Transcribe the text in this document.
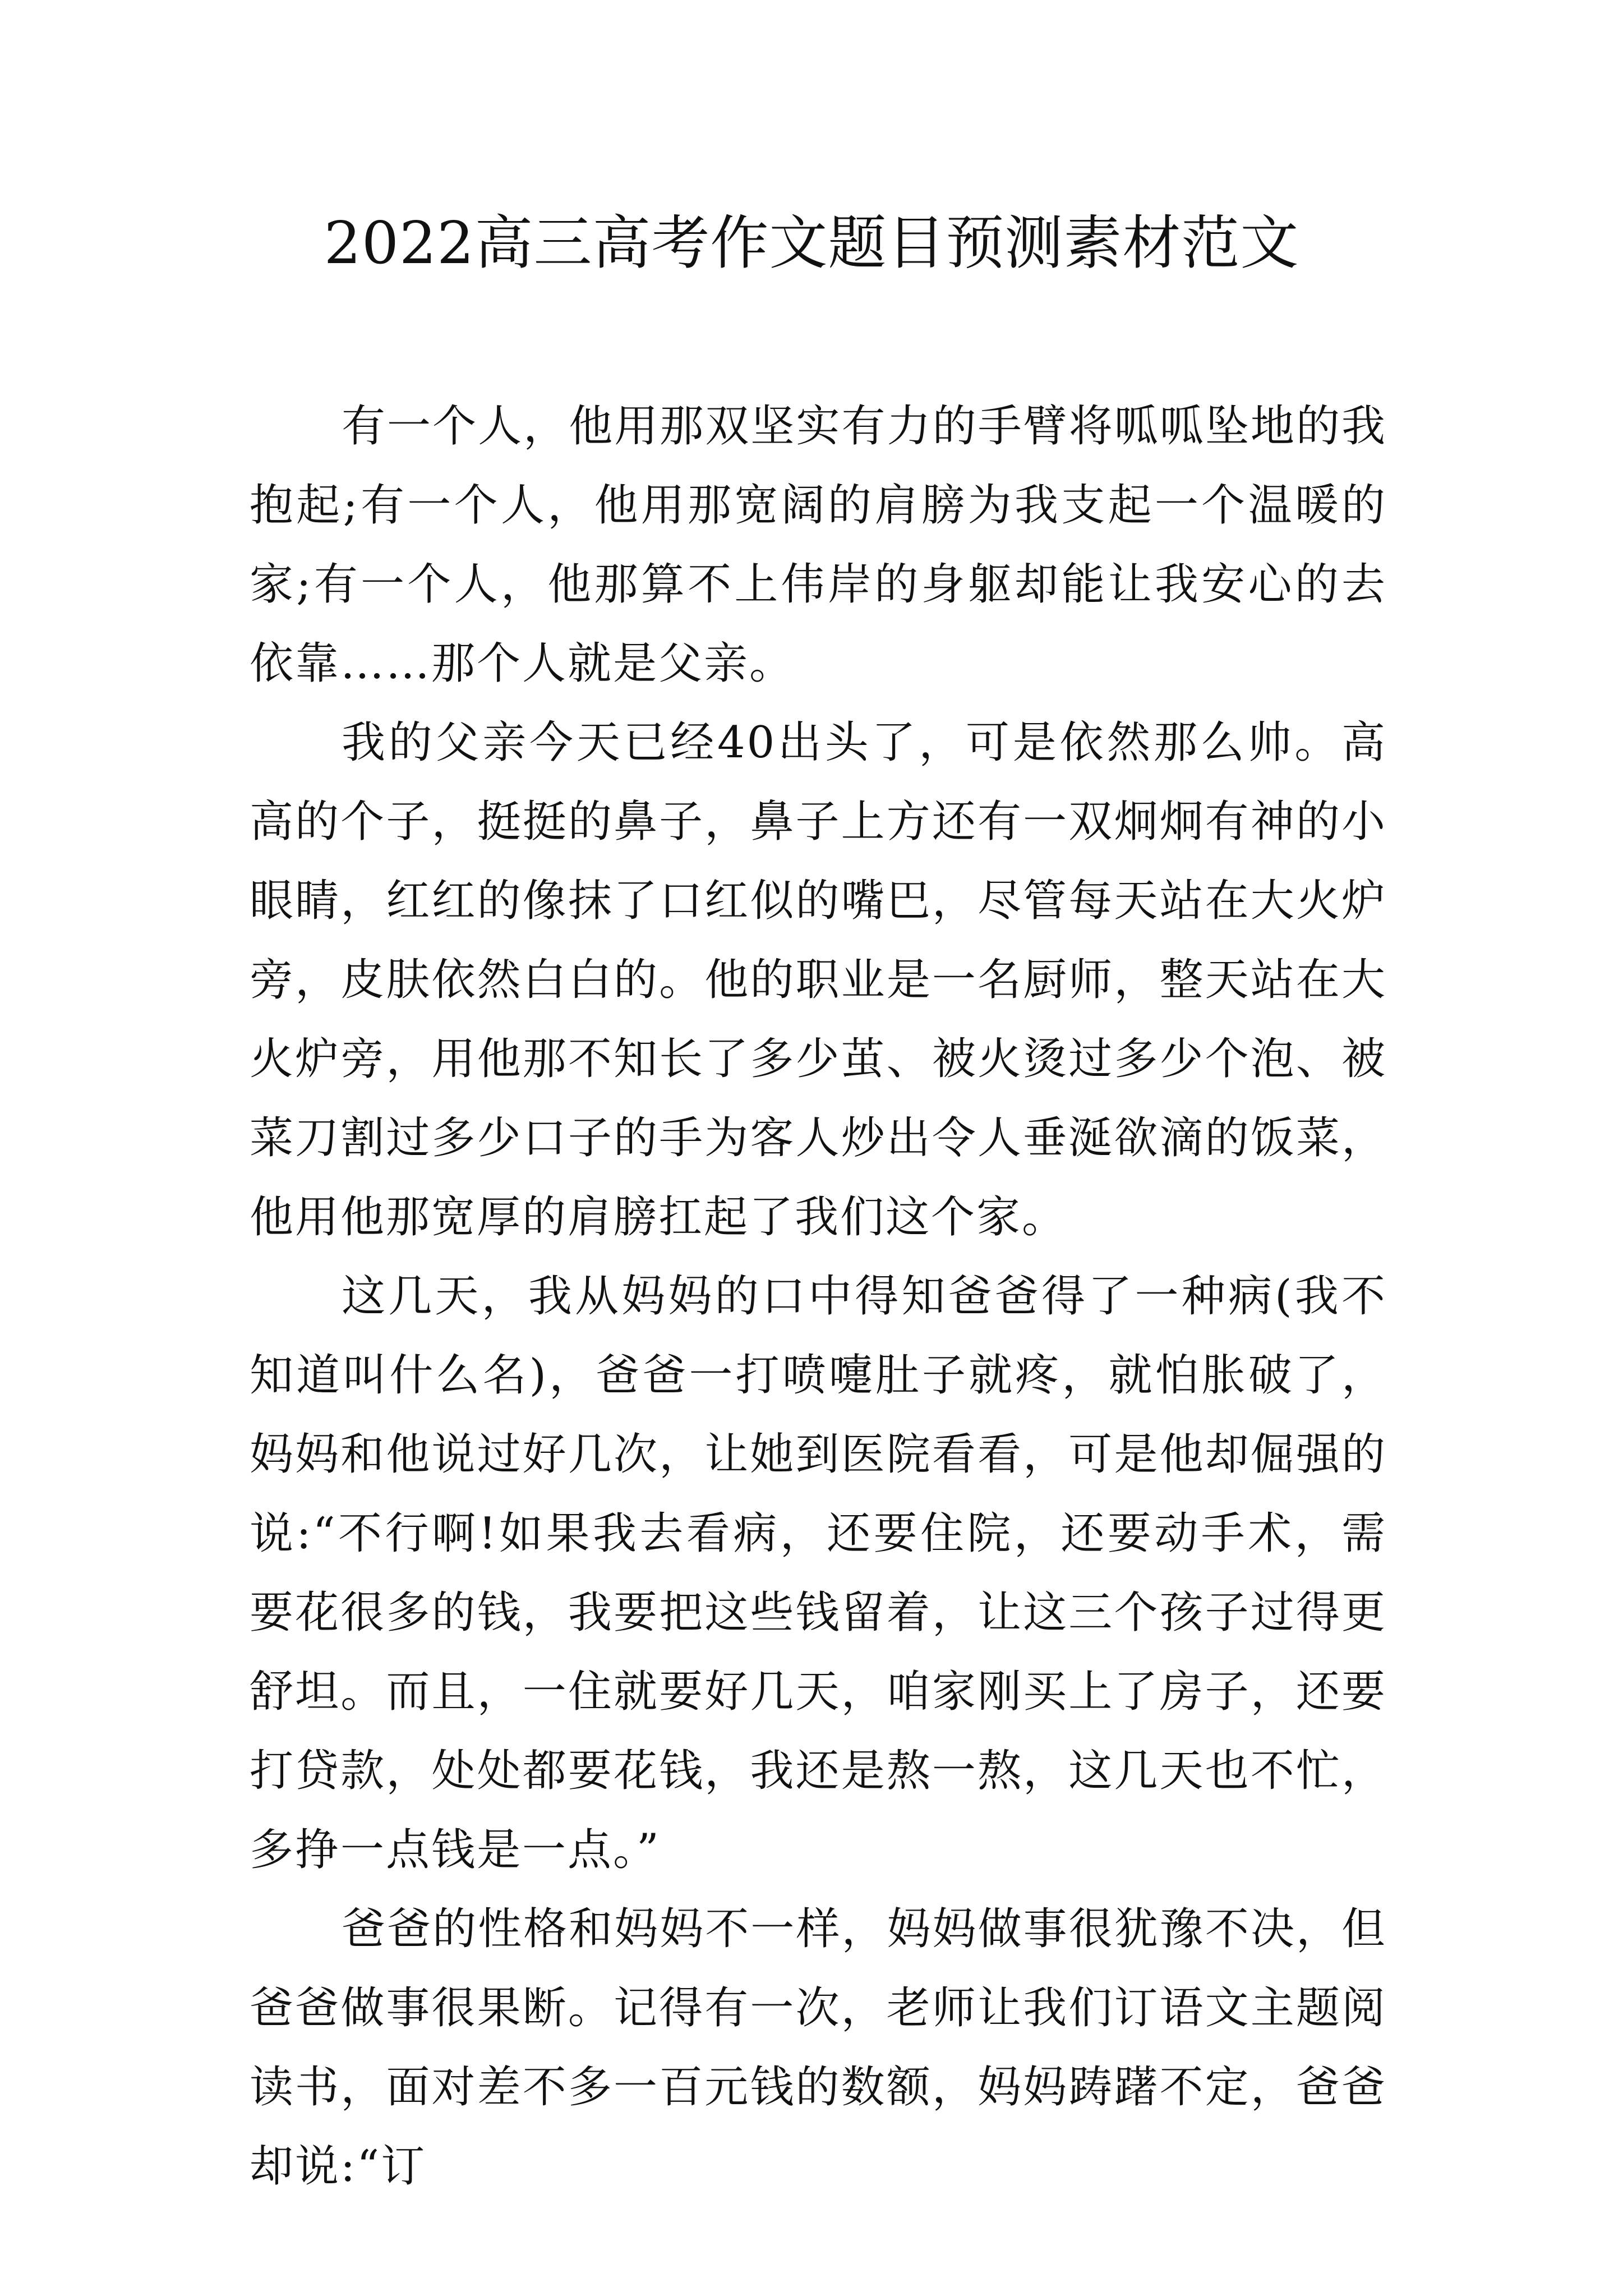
2022高三高考作文题目预测素材范文

有一个人，他用那双坚实有力的手臂将呱呱坠地的我抱起;有一个人，他用那宽阔的肩膀为我支起一个温暖的家;有一个人，他那算不上伟岸的身躯却能让我安心的去依靠……那个人就是父亲。

我的父亲今天已经40出头了，可是依然那么帅。高高的个子，挺挺的鼻子，鼻子上方还有一双炯炯有神的小眼睛，红红的像抹了口红似的嘴巴，尽管每天站在大火炉旁，皮肤依然白白的。他的职业是一名厨师，整天站在大火炉旁，用他那不知长了多少茧、被火烫过多少个泡、被菜刀割过多少口子的手为客人炒出令人垂涎欲滴的饭菜，他用他那宽厚的肩膀扛起了我们这个家。

这几天，我从妈妈的口中得知爸爸得了一种病(我不知道叫什么名)，爸爸一打喷嚏肚子就疼，就怕胀破了，妈妈和他说过好几次，让她到医院看看，可是他却倔强的说:“不行啊!如果我去看病，还要住院，还要动手术，需要花很多的钱，我要把这些钱留着，让这三个孩子过得更舒坦。而且，一住就要好几天，咱家刚买上了房子，还要打贷款，处处都要花钱，我还是熬一熬，这几天也不忙，多挣一点钱是一点。”

爸爸的性格和妈妈不一样，妈妈做事很犹豫不决，但爸爸做事很果断。记得有一次，老师让我们订语文主题阅读书，面对差不多一百元钱的数额，妈妈踌躇不定，爸爸却说:“订
